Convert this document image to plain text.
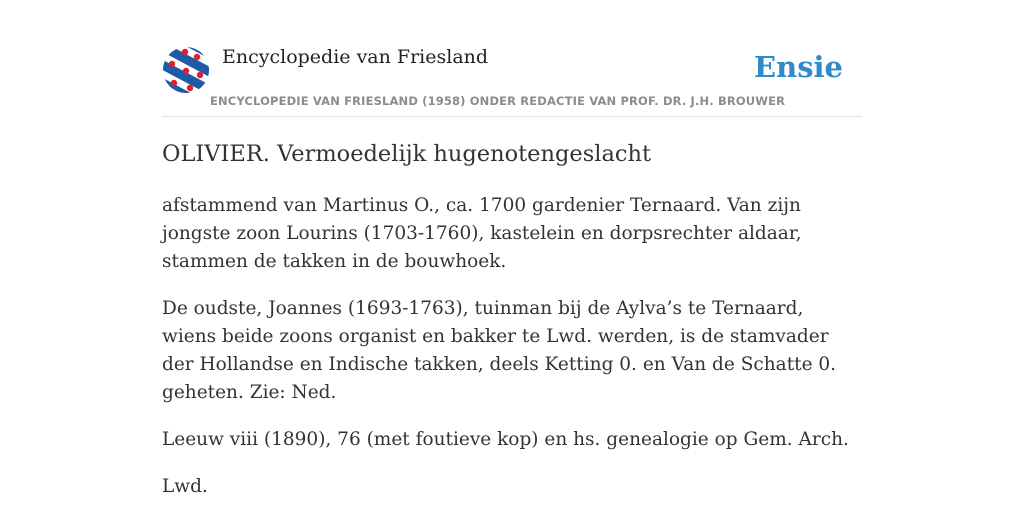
Encyclopedie van Friesland	Ensie
ENCYCLOPEDIE VAN FRIESLAND (1958) ONDER REDACTIE VAN PROF. DR. J.H. BROUWER
OLIVIER. Vermoedelijk hugenotengeslacht

afstammend van Martinus O., ca. 1700 gardenier Ternaard. Van zijn jongste zoon Lourins (1703-1760), kastelein en dorpsrechter aldaar, stammen de takken in de bouwhoek.

De oudste, Joannes (1693-1763), tuinman bij de Aylva’s te Ternaard, wiens beide zoons organist en bakker te Lwd. werden, is de stamvader der Hollandse en Indische takken, deels Ketting 0. en Van de Schatte 0. geheten. Zie: Ned.

Leeuw viii (1890), 76 (met foutieve kop) en hs. genealogie op Gem. Arch.

Lwd.
